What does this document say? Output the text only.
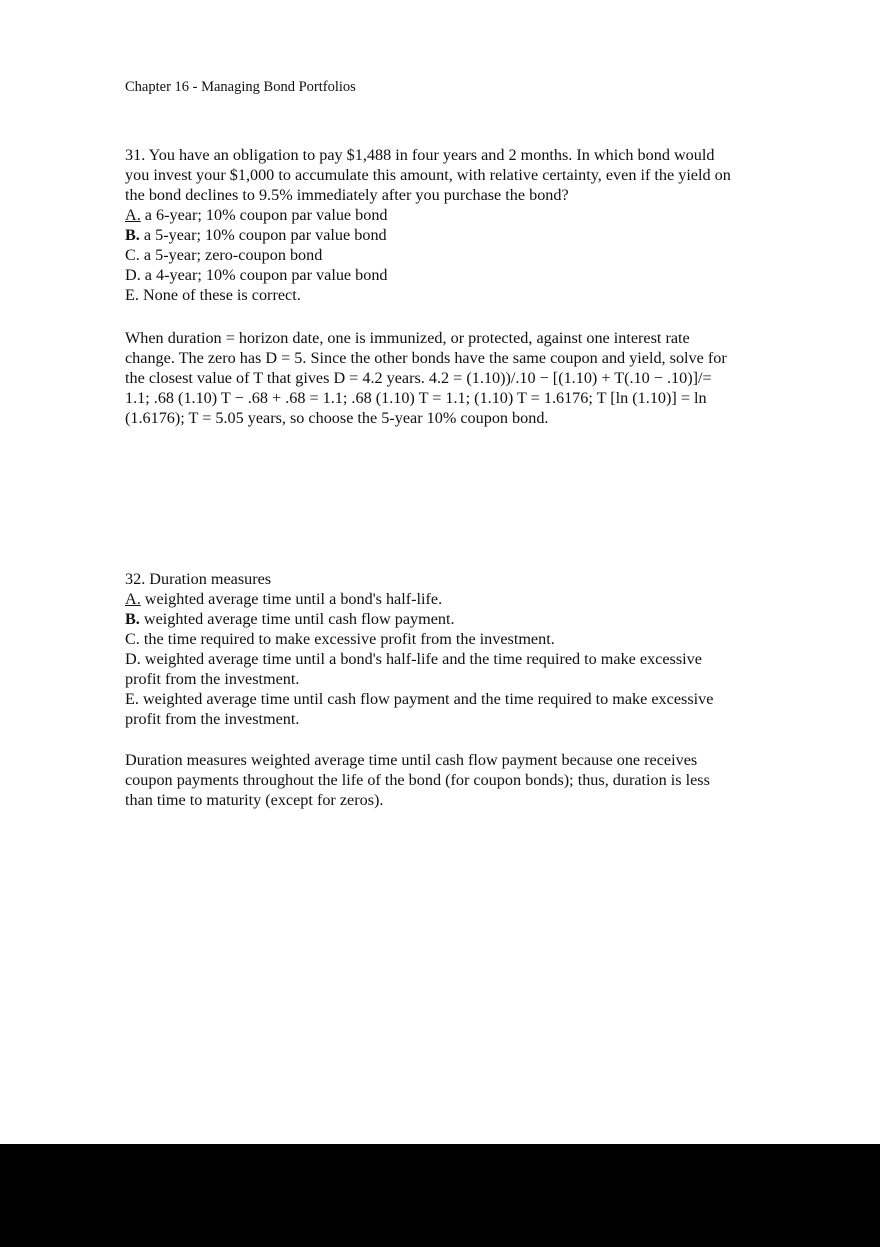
Chapter 16 - Managing Bond Portfolios
31. You have an obligation to pay $1,488 in four years and 2 months. In which bond would
you invest your $1,000 to accumulate this amount, with relative certainty, even if the yield on
the bond declines to 9.5% immediately after you purchase the bond?
A. a 6-year; 10% coupon par value bond
B. a 5-year; 10% coupon par value bond
C. a 5-year; zero-coupon bond
D. a 4-year; 10% coupon par value bond
E. None of these is correct.
When duration = horizon date, one is immunized, or protected, against one interest rate
change. The zero has D = 5. Since the other bonds have the same coupon and yield, solve for
the closest value of T that gives D = 4.2 years. 4.2 = (1.10))/.10 − [(1.10) + T(.10 − .10)]/=
1.1; .68 (1.10) T − .68 + .68 = 1.1; .68 (1.10) T = 1.1; (1.10) T = 1.6176; T [ln (1.10)] = ln
(1.6176); T = 5.05 years, so choose the 5-year 10% coupon bond.
32. Duration measures
A. weighted average time until a bond's half-life.
B. weighted average time until cash flow payment.
C. the time required to make excessive profit from the investment.
D. weighted average time until a bond's half-life and the time required to make excessive
profit from the investment.
E. weighted average time until cash flow payment and the time required to make excessive
profit from the investment.
Duration measures weighted average time until cash flow payment because one receives
coupon payments throughout the life of the bond (for coupon bonds); thus, duration is less
than time to maturity (except for zeros).
